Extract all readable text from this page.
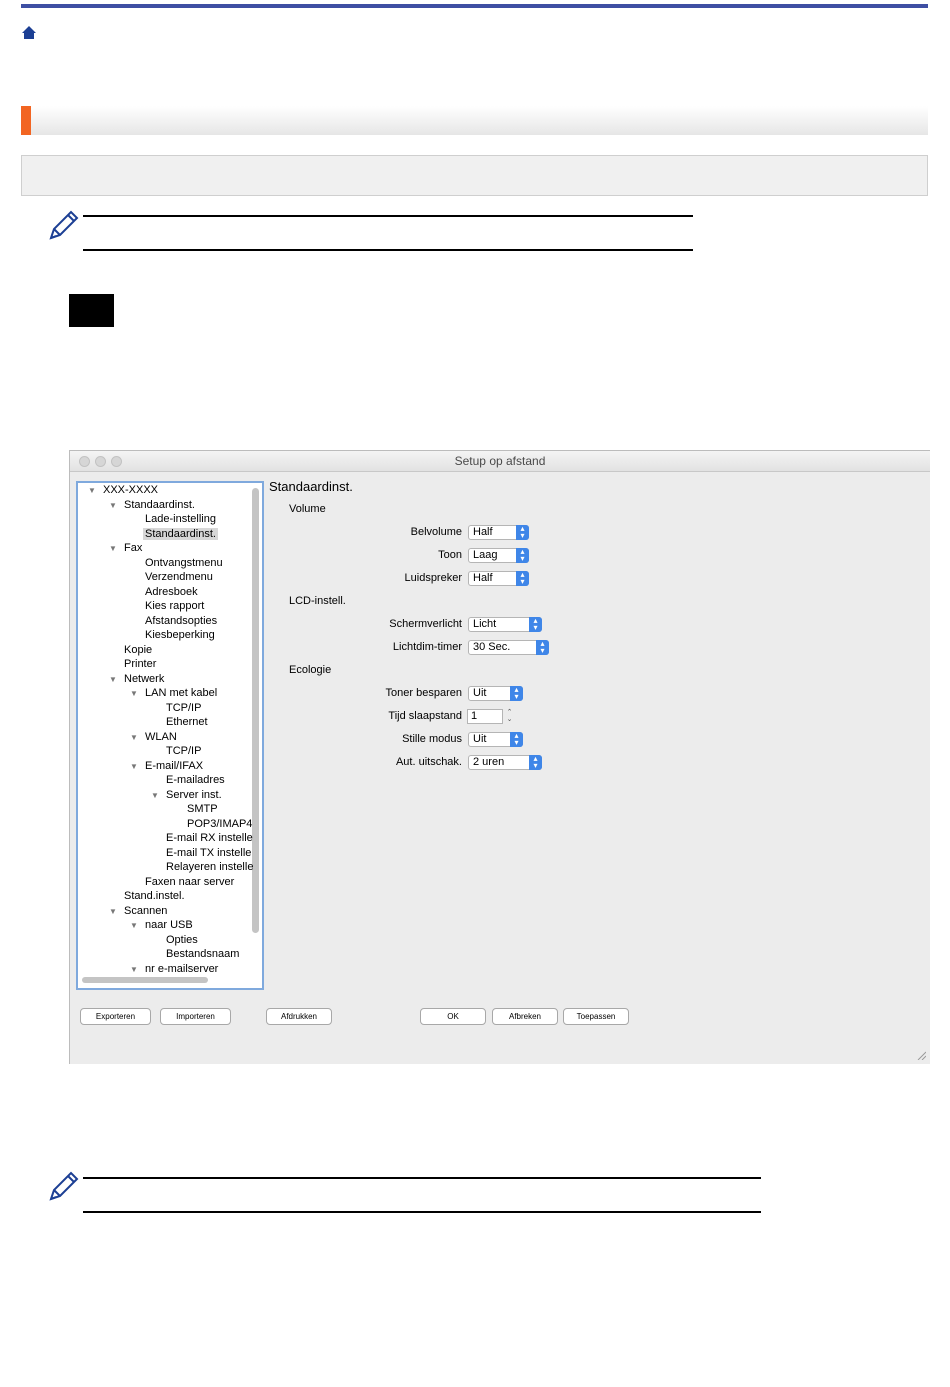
Setup op afstand
▼ XXX-XXXX
▼ Standaardinst.
Lade-instelling
Standaardinst.
▼ Fax
Ontvangstmenu
Verzendmenu
Adresboek
Kies rapport
Afstandsopties
Kiesbeperking
Kopie
Printer
▼ Netwerk
▼ LAN met kabel
TCP/IP
Ethernet
▼ WLAN
TCP/IP
▼ E-mail/IFAX
E-mailadres
▼ Server inst.
SMTP
POP3/IMAP4
E-mail RX instelle
E-mail TX instelle
Relayeren instelle
Faxen naar server
Stand.instel.
▼ Scannen
▼ naar USB
Opties
Bestandsnaam
▼ nr e-mailserver
Standaardinst.
Volume
LCD-instell.
Ecologie
Belvolume	Half	▴
▾
Toon	Laag	▴
▾
Luidspreker	Half	▴
▾
Schermverlicht	Licht	▴
▾
Lichtdim-timer	30 Sec.	▴
▾
Toner besparen	Uit	▴
▾
Tijd slaapstand 1	⌃
⌄
Stille modus	Uit	▴
▾
Aut. uitschak.	2 uren	▴
▾
Exporteren	Importeren	Afdrukken	OK	Afbreken	Toepassen
